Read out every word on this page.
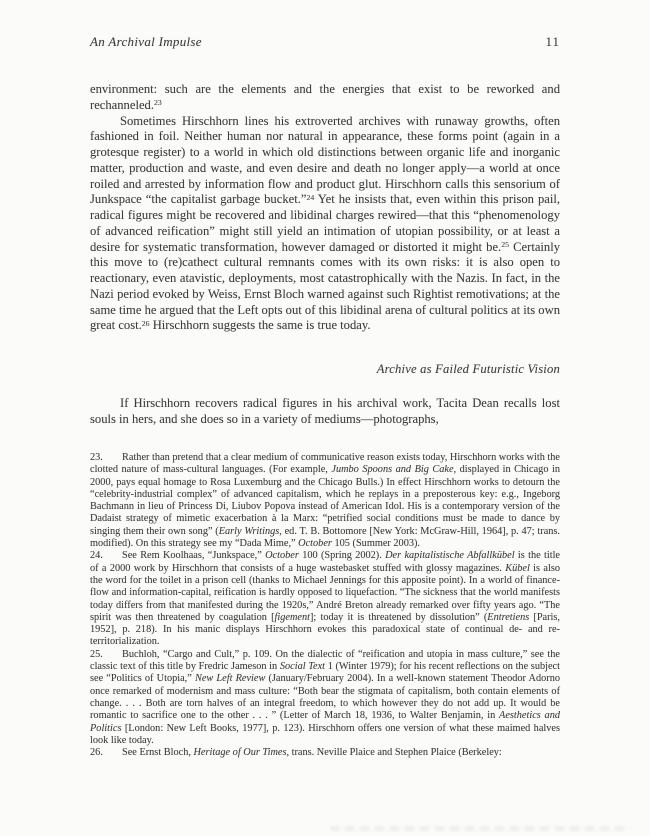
An Archival Impulse	11

environment: such are the elements and the energies that exist to be reworked and rechanneled.$^{23}$

Sometimes Hirschhorn lines his extroverted archives with runaway growths, often fashioned in foil. Neither human nor natural in appearance, these forms point (again in a grotesque register) to a world in which old distinctions between organic life and inorganic matter, production and waste, and even desire and death no longer apply—a world at once roiled and arrested by information flow and product glut. Hirschhorn calls this sensorium of Junkspace “the capitalist garbage bucket.”$^{24}$ Yet he insists that, even within this prison pail, radical figures might be recovered and libidinal charges rewired—that this “phenomenology of advanced reification” might still yield an intimation of utopian possibility, or at least a desire for systematic transformation, however damaged or distorted it might be.$^{25}$ Certainly this move to (re)cathect cultural remnants comes with its own risks: it is also open to reactionary, even atavistic, deployments, most catastrophically with the Nazis. In fact, in the Nazi period evoked by Weiss, Ernst Bloch warned against such Rightist remotivations; at the same time he argued that the Left opts out of this libidinal arena of cultural politics at its own great cost.$^{26}$ Hirschhorn suggests the same is true today.

Archive as Failed Futuristic Vision

If Hirschhorn recovers radical figures in his archival work, Tacita Dean recalls lost souls in hers, and she does so in a variety of mediums—photographs,

23. Rather than pretend that a clear medium of communicative reason exists today, Hirschhorn works with the clotted nature of mass-cultural languages. (For example, Jumbo Spoons and Big Cake, displayed in Chicago in 2000, pays equal homage to Rosa Luxemburg and the Chicago Bulls.) In effect Hirschhorn works to detourn the “celebrity-industrial complex” of advanced capitalism, which he replays in a preposterous key: e.g., Ingeborg Bachmann in lieu of Princess Di, Liubov Popova instead of American Idol. His is a contemporary version of the Dadaist strategy of mimetic exacerbation à la Marx: “petrified social conditions must be made to dance by singing them their own song” (Early Writings, ed. T. B. Bottomore [New York: McGraw-Hill, 1964], p. 47; trans. modified). On this strategy see my “Dada Mime,” October 105 (Summer 2003).

24. See Rem Koolhaas, “Junkspace,” October 100 (Spring 2002). Der kapitalistische Abfallkübel is the title of a 2000 work by Hirschhorn that consists of a huge wastebasket stuffed with glossy magazines. Kübel is also the word for the toilet in a prison cell (thanks to Michael Jennings for this apposite point). In a world of finance-flow and information-capital, reification is hardly opposed to liquefaction. “The sickness that the world manifests today differs from that manifested during the 1920s,” André Breton already remarked over fifty years ago. “The spirit was then threatened by coagulation [figement]; today it is threatened by dissolution” (Entretiens [Paris, 1952], p. 218). In his manic displays Hirschhorn evokes this paradoxical state of continual de- and re-territorialization.

25. Buchloh, “Cargo and Cult,” p. 109. On the dialectic of “reification and utopia in mass culture,” see the classic text of this title by Fredric Jameson in Social Text 1 (Winter 1979); for his recent reflections on the subject see “Politics of Utopia,” New Left Review (January/February 2004). In a well-known statement Theodor Adorno once remarked of modernism and mass culture: “Both bear the stigmata of capitalism, both contain elements of change. . . . Both are torn halves of an integral freedom, to which however they do not add up. It would be romantic to sacrifice one to the other . . . ” (Letter of March 18, 1936, to Walter Benjamin, in Aesthetics and Politics [London: New Left Books, 1977], p. 123). Hirschhorn offers one version of what these maimed halves look like today.

26. See Ernst Bloch, Heritage of Our Times, trans. Neville Plaice and Stephen Plaice (Berkeley:
